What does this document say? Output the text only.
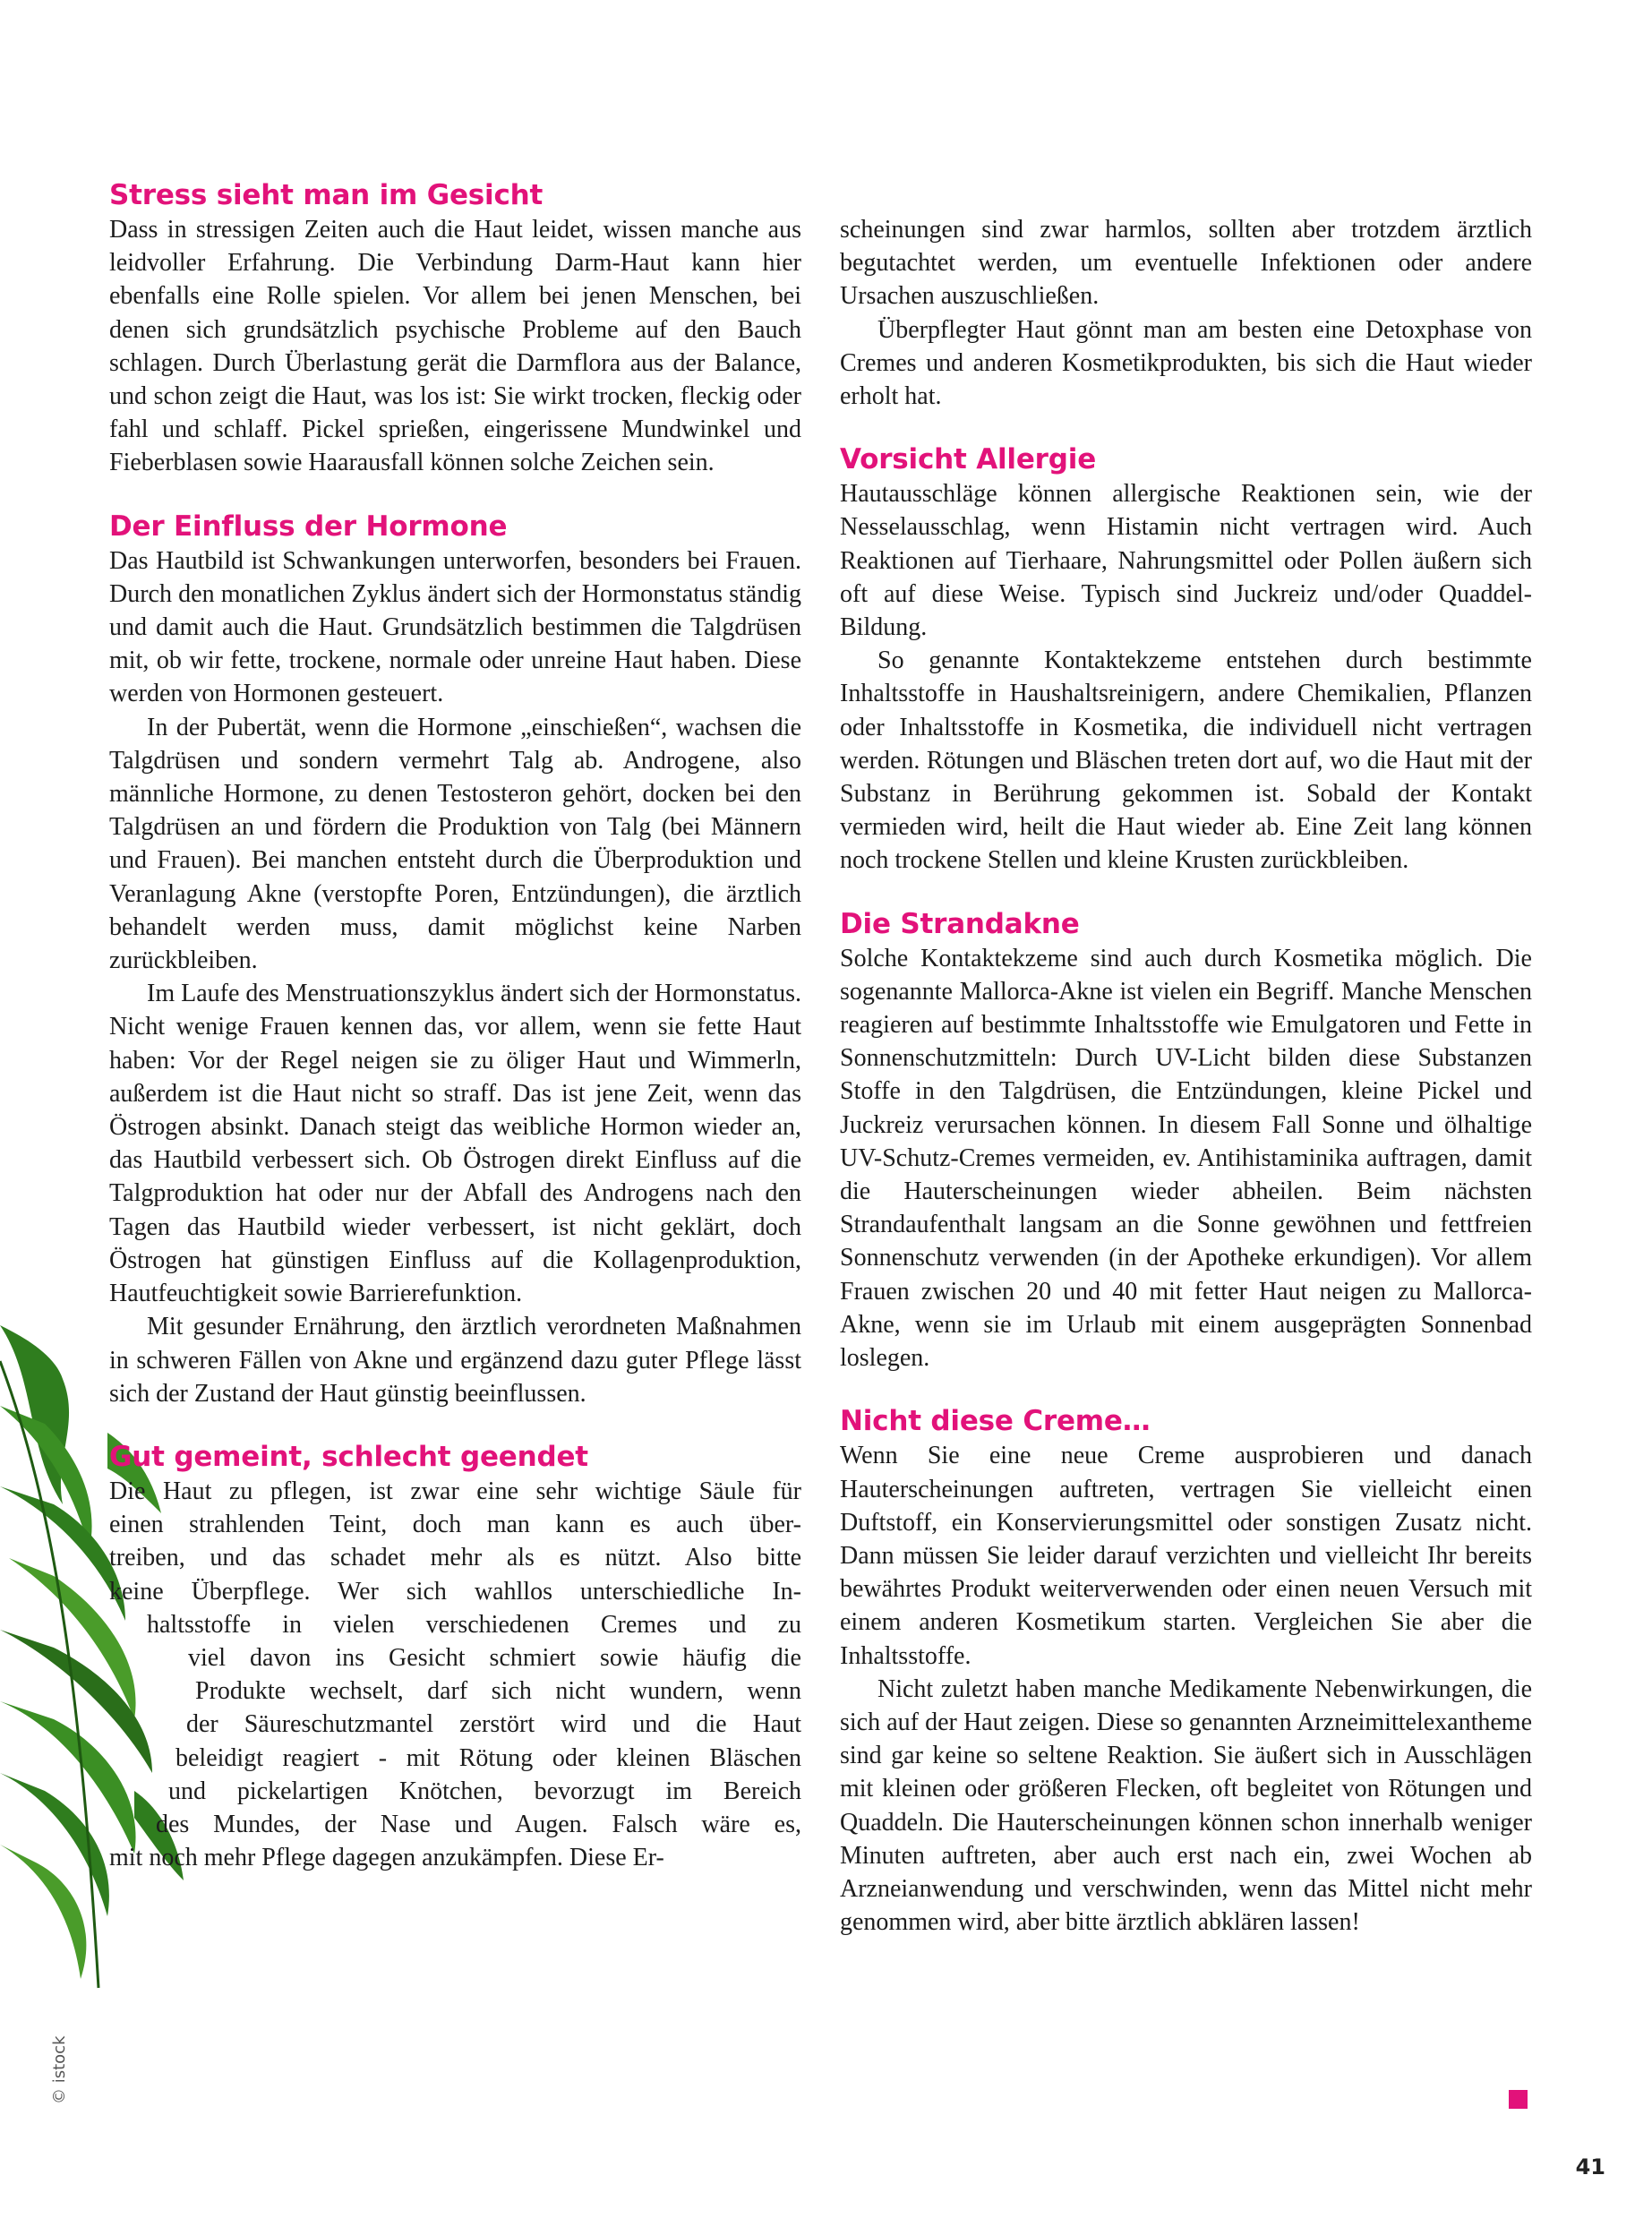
Stress sieht man im Gesicht

Dass in stressigen Zeiten auch die Haut leidet, wissen manche aus leidvoller Erfahrung. Die Verbindung Darm-Haut kann hier ebenfalls eine Rolle spielen. Vor allem bei jenen Menschen, bei denen sich grundsätzlich psychische Probleme auf den Bauch schlagen. Durch Überlastung gerät die Darmflora aus der Balance, und schon zeigt die Haut, was los ist: Sie wirkt trocken, fleckig oder fahl und schlaff. Pickel sprießen, eingerissene Mundwinkel und Fieberblasen sowie Haarausfall können solche Zeichen sein.

Der Einfluss der Hormone

Das Hautbild ist Schwankungen unterworfen, besonders bei Frauen. Durch den monatlichen Zyklus ändert sich der Hormonstatus ständig und damit auch die Haut. Grundsätzlich bestimmen die Talgdrüsen mit, ob wir fette, trockene, normale oder unreine Haut haben. Diese werden von Hormonen gesteuert.

In der Pubertät, wenn die Hormone „einschießen“, wachsen die Talgdrüsen und sondern vermehrt Talg ab. Androgene, also männliche Hormone, zu denen Testosteron gehört, docken bei den Talgdrüsen an und fördern die Produktion von Talg (bei Männern und Frauen). Bei manchen entsteht durch die Überproduktion und Veranlagung Akne (verstopfte Poren, Entzündungen), die ärztlich behandelt werden muss, damit möglichst keine Narben zurückbleiben.

Im Laufe des Menstruationszyklus ändert sich der Hormonstatus. Nicht wenige Frauen kennen das, vor allem, wenn sie fette Haut haben: Vor der Regel neigen sie zu öliger Haut und Wimmerln, außerdem ist die Haut nicht so straff. Das ist jene Zeit, wenn das Östrogen absinkt. Danach steigt das weibliche Hormon wieder an, das Hautbild verbessert sich. Ob Östrogen direkt Einfluss auf die Talgproduktion hat oder nur der Abfall des Androgens nach den Tagen das Hautbild wieder verbessert, ist nicht geklärt, doch Östrogen hat günstigen Einfluss auf die Kollagenproduktion, Hautfeuchtigkeit sowie Barrierefunktion.

Mit gesunder Ernährung, den ärztlich verordneten Maßnahmen in schweren Fällen von Akne und ergänzend dazu guter Pflege lässt sich der Zustand der Haut günstig beeinflussen.

Gut gemeint, schlecht geendet
Die Haut zu pflegen, ist zwar eine sehr wichtige Säule für
einen strahlenden Teint, doch man kann es auch über-
treiben, und das schadet mehr als es nützt. Also bitte
keine Überpflege. Wer sich wahllos unterschiedliche In-
haltsstoffe in vielen verschiedenen Cremes und zu
viel davon ins Gesicht schmiert sowie häufig die
Produkte wechselt, darf sich nicht wundern, wenn
der Säureschutzmantel zerstört wird und die Haut
beleidigt reagiert - mit Rötung oder kleinen Bläschen
und pickelartigen Knötchen, bevorzugt im Bereich
des Mundes, der Nase und Augen. Falsch wäre es,
mit noch mehr Pflege dagegen anzukämpfen. Diese Er-

scheinungen sind zwar harmlos, sollten aber trotzdem ärztlich begutachtet werden, um eventuelle Infektionen oder andere Ursachen auszuschließen.

Überpflegter Haut gönnt man am besten eine Detoxphase von Cremes und anderen Kosmetikprodukten, bis sich die Haut wieder erholt hat.

Vorsicht Allergie

Hautausschläge können allergische Reaktionen sein, wie der Nesselausschlag, wenn Histamin nicht vertragen wird. Auch Reaktionen auf Tierhaare, Nahrungsmittel oder Pollen äußern sich oft auf diese Weise. Typisch sind Juckreiz und/oder Quaddel-Bildung.

So genannte Kontaktekzeme entstehen durch bestimmte Inhaltsstoffe in Haushaltsreinigern, andere Chemikalien, Pflanzen oder Inhaltsstoffe in Kosmetika, die individuell nicht vertragen werden. Rötungen und Bläschen treten dort auf, wo die Haut mit der Substanz in Berührung gekommen ist. Sobald der Kontakt vermieden wird, heilt die Haut wieder ab. Eine Zeit lang können noch trockene Stellen und kleine Krusten zurückbleiben.

Die Strandakne

Solche Kontaktekzeme sind auch durch Kosmetika möglich. Die sogenannte Mallorca-Akne ist vielen ein Begriff. Manche Menschen reagieren auf bestimmte Inhaltsstoffe wie Emulgatoren und Fette in Sonnenschutzmitteln: Durch UV-Licht bilden diese Substanzen Stoffe in den Talgdrüsen, die Entzündungen, kleine Pickel und Juckreiz verursachen können. In diesem Fall Sonne und ölhaltige UV-Schutz-Cremes vermeiden, ev. Antihistaminika auftragen, damit die Hauterscheinungen wieder abheilen. Beim nächsten Strandaufenthalt langsam an die Sonne gewöhnen und fettfreien Sonnenschutz verwenden (in der Apotheke erkundigen). Vor allem Frauen zwischen 20 und 40 mit fetter Haut neigen zu Mallorca-Akne, wenn sie im Urlaub mit einem ausgeprägten Sonnenbad loslegen.

Nicht diese Creme…

Wenn Sie eine neue Creme ausprobieren und danach Hauterscheinungen auftreten, vertragen Sie vielleicht einen Duftstoff, ein Konservierungsmittel oder sonstigen Zusatz nicht. Dann müssen Sie leider darauf verzichten und vielleicht Ihr bereits bewährtes Produkt weiterverwenden oder einen neuen Versuch mit einem anderen Kosmetikum starten. Vergleichen Sie aber die Inhaltsstoffe.

Nicht zuletzt haben manche Medikamente Nebenwirkungen, die sich auf der Haut zeigen. Diese so genannten Arzneimittelexantheme sind gar keine so seltene Reaktion. Sie äußert sich in Ausschlägen mit kleinen oder größeren Flecken, oft begleitet von Rötungen und Quaddeln. Die Hauterscheinungen können schon innerhalb weniger Minuten auftreten, aber auch erst nach ein, zwei Wochen ab Arzneianwendung und verschwinden, wenn das Mittel nicht mehr genommen wird, aber bitte ärztlich abklären lassen!

© istock
41
